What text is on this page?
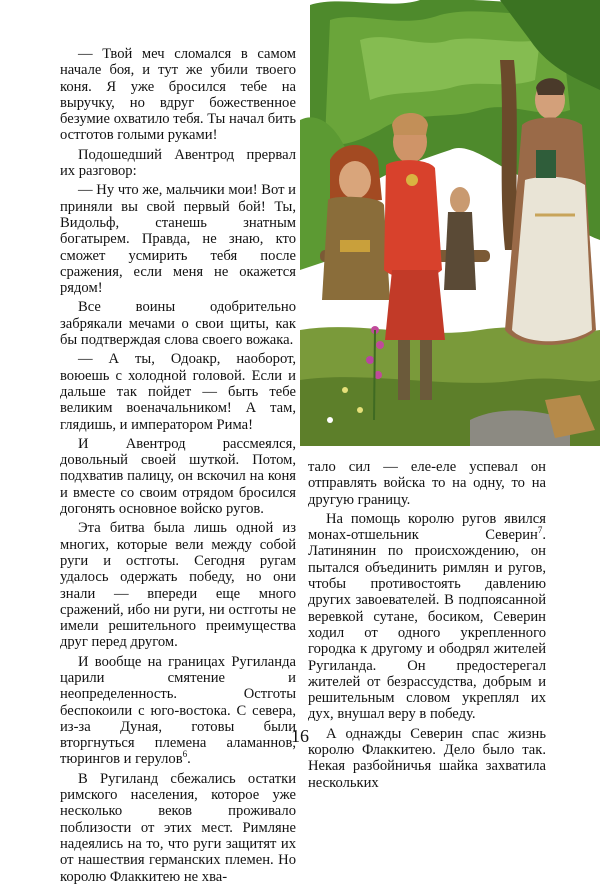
— Твой меч сломался в самом начале боя, и тут же убили твоего коня. Я уже бросился тебе на выручку, но вдруг божественное безумие охватило тебя. Ты начал бить остготов голыми руками!

Подошедший Авентрод прервал их разговор:

— Ну что же, мальчики мои! Вот и приняли вы свой первый бой! Ты, Видольф, станешь знатным богатырем. Правда, не знаю, кто сможет усмирить тебя после сражения, если меня не окажется рядом!

Все воины одобрительно забрякали мечами о свои щиты, как бы подтверждая слова своего вожака.

— А ты, Одоакр, наоборот, воюешь с холодной головой. Если и дальше так пойдет — быть тебе великим военачальником! А там, глядишь, и императором Рима!

И Авентрод рассмеялся, довольный своей шуткой. Потом, подхватив палицу, он вскочил на коня и вместе со своим отрядом бросился догонять основное войско ругов.

Эта битва была лишь одной из многих, которые вели между собой руги и остготы. Сегодня ругам удалось одержать победу, но они знали — впереди еще много сражений, ибо ни руги, ни остготы не имели решительного преимущества друг перед другом.

И вообще на границах Ругиланда царили смятение и неопределенность. Остготы беспокоили с юго-востока. С севера, из-за Дуная, готовы были вторгнуться племена аламаннов, тюрингов и герулов$^6$.

В Ругиланд сбежались остатки римского населения, которое уже несколько веков проживало поблизости от этих мест. Римляне надеялись на то, что руги защитят их от нашествия германских племен. Но королю Флаккитею не хва-

тало сил — еле-еле успевал он отправлять войска то на одну, то на другую границу.

На помощь королю ругов явился монах-отшельник Северин$^7$. Латинянин по происхождению, он пытался объединить римлян и ругов, чтобы противостоять давлению других завоевателей. В подпоясанной веревкой сутане, босиком, Северин ходил от одного укрепленного городка к другому и ободрял жителей Ругиланда. Он предостерегал жителей от безрассудства, добрым и решительным словом укреплял их дух, внушал веру в победу.

А однажды Северин спас жизнь королю Флаккитею. Дело было так. Некая разбойничья шайка захватила нескольких

16
